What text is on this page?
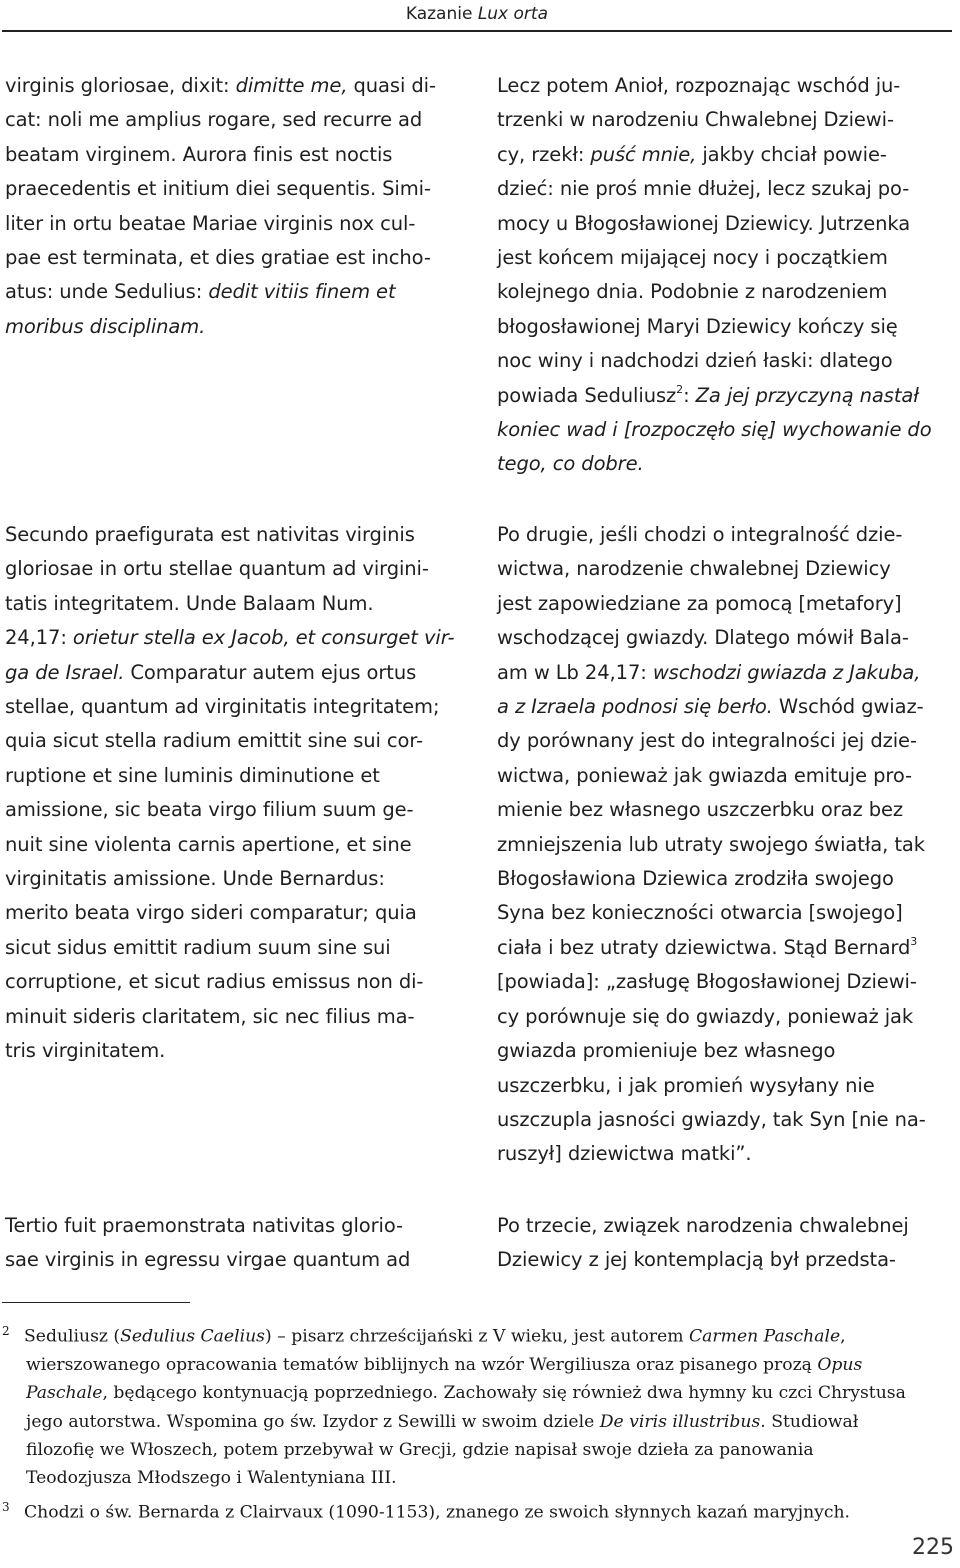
Kazanie Lux orta
virginis gloriosae, dixit: dimitte me, quasi di-
cat: noli me amplius rogare, sed recurre ad
beatam virginem. Aurora finis est noctis
praecedentis et initium diei sequentis. Simi-
liter in ortu beatae Mariae virginis nox cul-
pae est terminata, et dies gratiae est incho-
atus: unde Sedulius: dedit vitiis finem et
moribus disciplinam.
Lecz potem Anioł, rozpoznając wschód ju-
trzenki w narodzeniu Chwalebnej Dziewi-
cy, rzekł: puść mnie, jakby chciał powie-
dzieć: nie proś mnie dłużej, lecz szukaj po-
mocy u Błogosławionej Dziewicy. Jutrzenka
jest końcem mijającej nocy i początkiem
kolejnego dnia. Podobnie z narodzeniem
błogosławionej Maryi Dziewicy kończy się
noc winy i nadchodzi dzień łaski: dlatego
powiada Seduliusz$^2$: Za jej przyczyną nastał
koniec wad i [rozpoczęło się] wychowanie do
tego, co dobre.
Secundo praefigurata est nativitas virginis
gloriosae in ortu stellae quantum ad virgini-
tatis integritatem. Unde Balaam Num.
24,17: orietur stella ex Jacob, et consurget vir-
ga de Israel. Comparatur autem ejus ortus
stellae, quantum ad virginitatis integritatem;
quia sicut stella radium emittit sine sui cor-
ruptione et sine luminis diminutione et
amissione, sic beata virgo filium suum ge-
nuit sine violenta carnis apertione, et sine
virginitatis amissione. Unde Bernardus:
merito beata virgo sideri comparatur; quia
sicut sidus emittit radium suum sine sui
corruptione, et sicut radius emissus non di-
minuit sideris claritatem, sic nec filius ma-
tris virginitatem.
Po drugie, jeśli chodzi o integralność dzie-
wictwa, narodzenie chwalebnej Dziewicy
jest zapowiedziane za pomocą [metafory]
wschodzącej gwiazdy. Dlatego mówił Bala-
am w Lb 24,17: wschodzi gwiazda z Jakuba,
a z Izraela podnosi się berło. Wschód gwiaz-
dy porównany jest do integralności jej dzie-
wictwa, ponieważ jak gwiazda emituje pro-
mienie bez własnego uszczerbku oraz bez
zmniejszenia lub utraty swojego światła, tak
Błogosławiona Dziewica zrodziła swojego
Syna bez konieczności otwarcia [swojego]
ciała i bez utraty dziewictwa. Stąd Bernard$^3$
[powiada]: „zasługę Błogosławionej Dziewi-
cy porównuje się do gwiazdy, ponieważ jak
gwiazda promieniuje bez własnego
uszczerbku, i jak promień wysyłany nie
uszczupla jasności gwiazdy, tak Syn [nie na-
ruszył] dziewictwa matki”.
Tertio fuit praemonstrata nativitas glorio-
sae virginis in egressu virgae quantum ad
Po trzecie, związek narodzenia chwalebnej
Dziewicy z jej kontemplacją był przedsta-
$^2$ Seduliusz (Sedulius Caelius) – pisarz chrześcijański z V wieku, jest autorem Carmen Paschale,
wierszowanego opracowania tematów biblijnych na wzór Wergiliusza oraz pisanego prozą Opus
Paschale, będącego kontynuacją poprzedniego. Zachowały się również dwa hymny ku czci Chrystusa
jego autorstwa. Wspomina go św. Izydor z Sewilli w swoim dziele De viris illustribus. Studiował
filozofię we Włoszech, potem przebywał w Grecji, gdzie napisał swoje dzieła za panowania
Teodozjusza Młodszego i Walentyniana III.
$^3$ Chodzi o św. Bernarda z Clairvaux (1090-1153), znanego ze swoich słynnych kazań maryjnych.
225
